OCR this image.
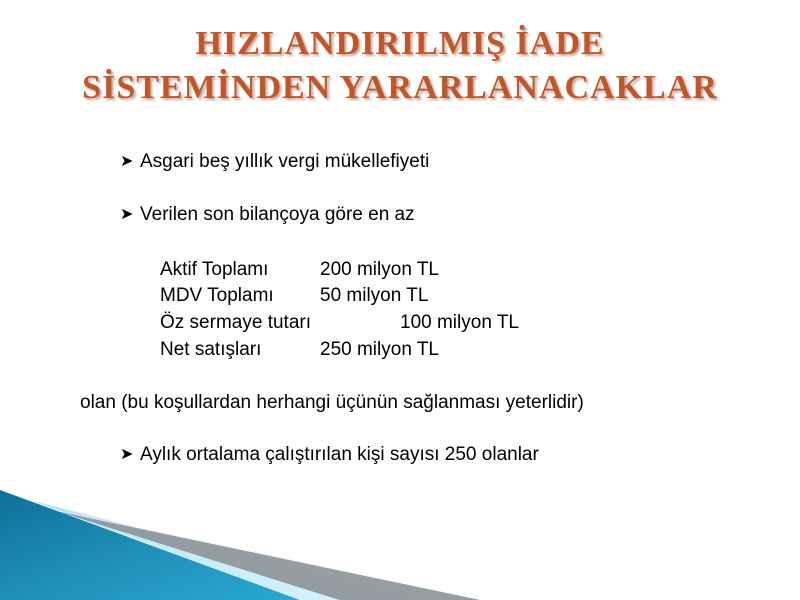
HIZLANDIRILMIŞ İADE
SİSTEMİNDEN YARARLANACAKLAR
➤ Asgari beş yıllık vergi mükellefiyeti
➤ Verilen son bilançoya göre en az
Aktif Toplamı	200 milyon TL
MDV Toplamı 50 milyon TL
Öz sermaye tutarı	100 milyon TL
Net satışları	250 milyon TL
olan (bu koşullardan herhangi üçünün sağlanması yeterlidir)
➤ Aylık ortalama çalıştırılan kişi sayısı 250 olanlar
